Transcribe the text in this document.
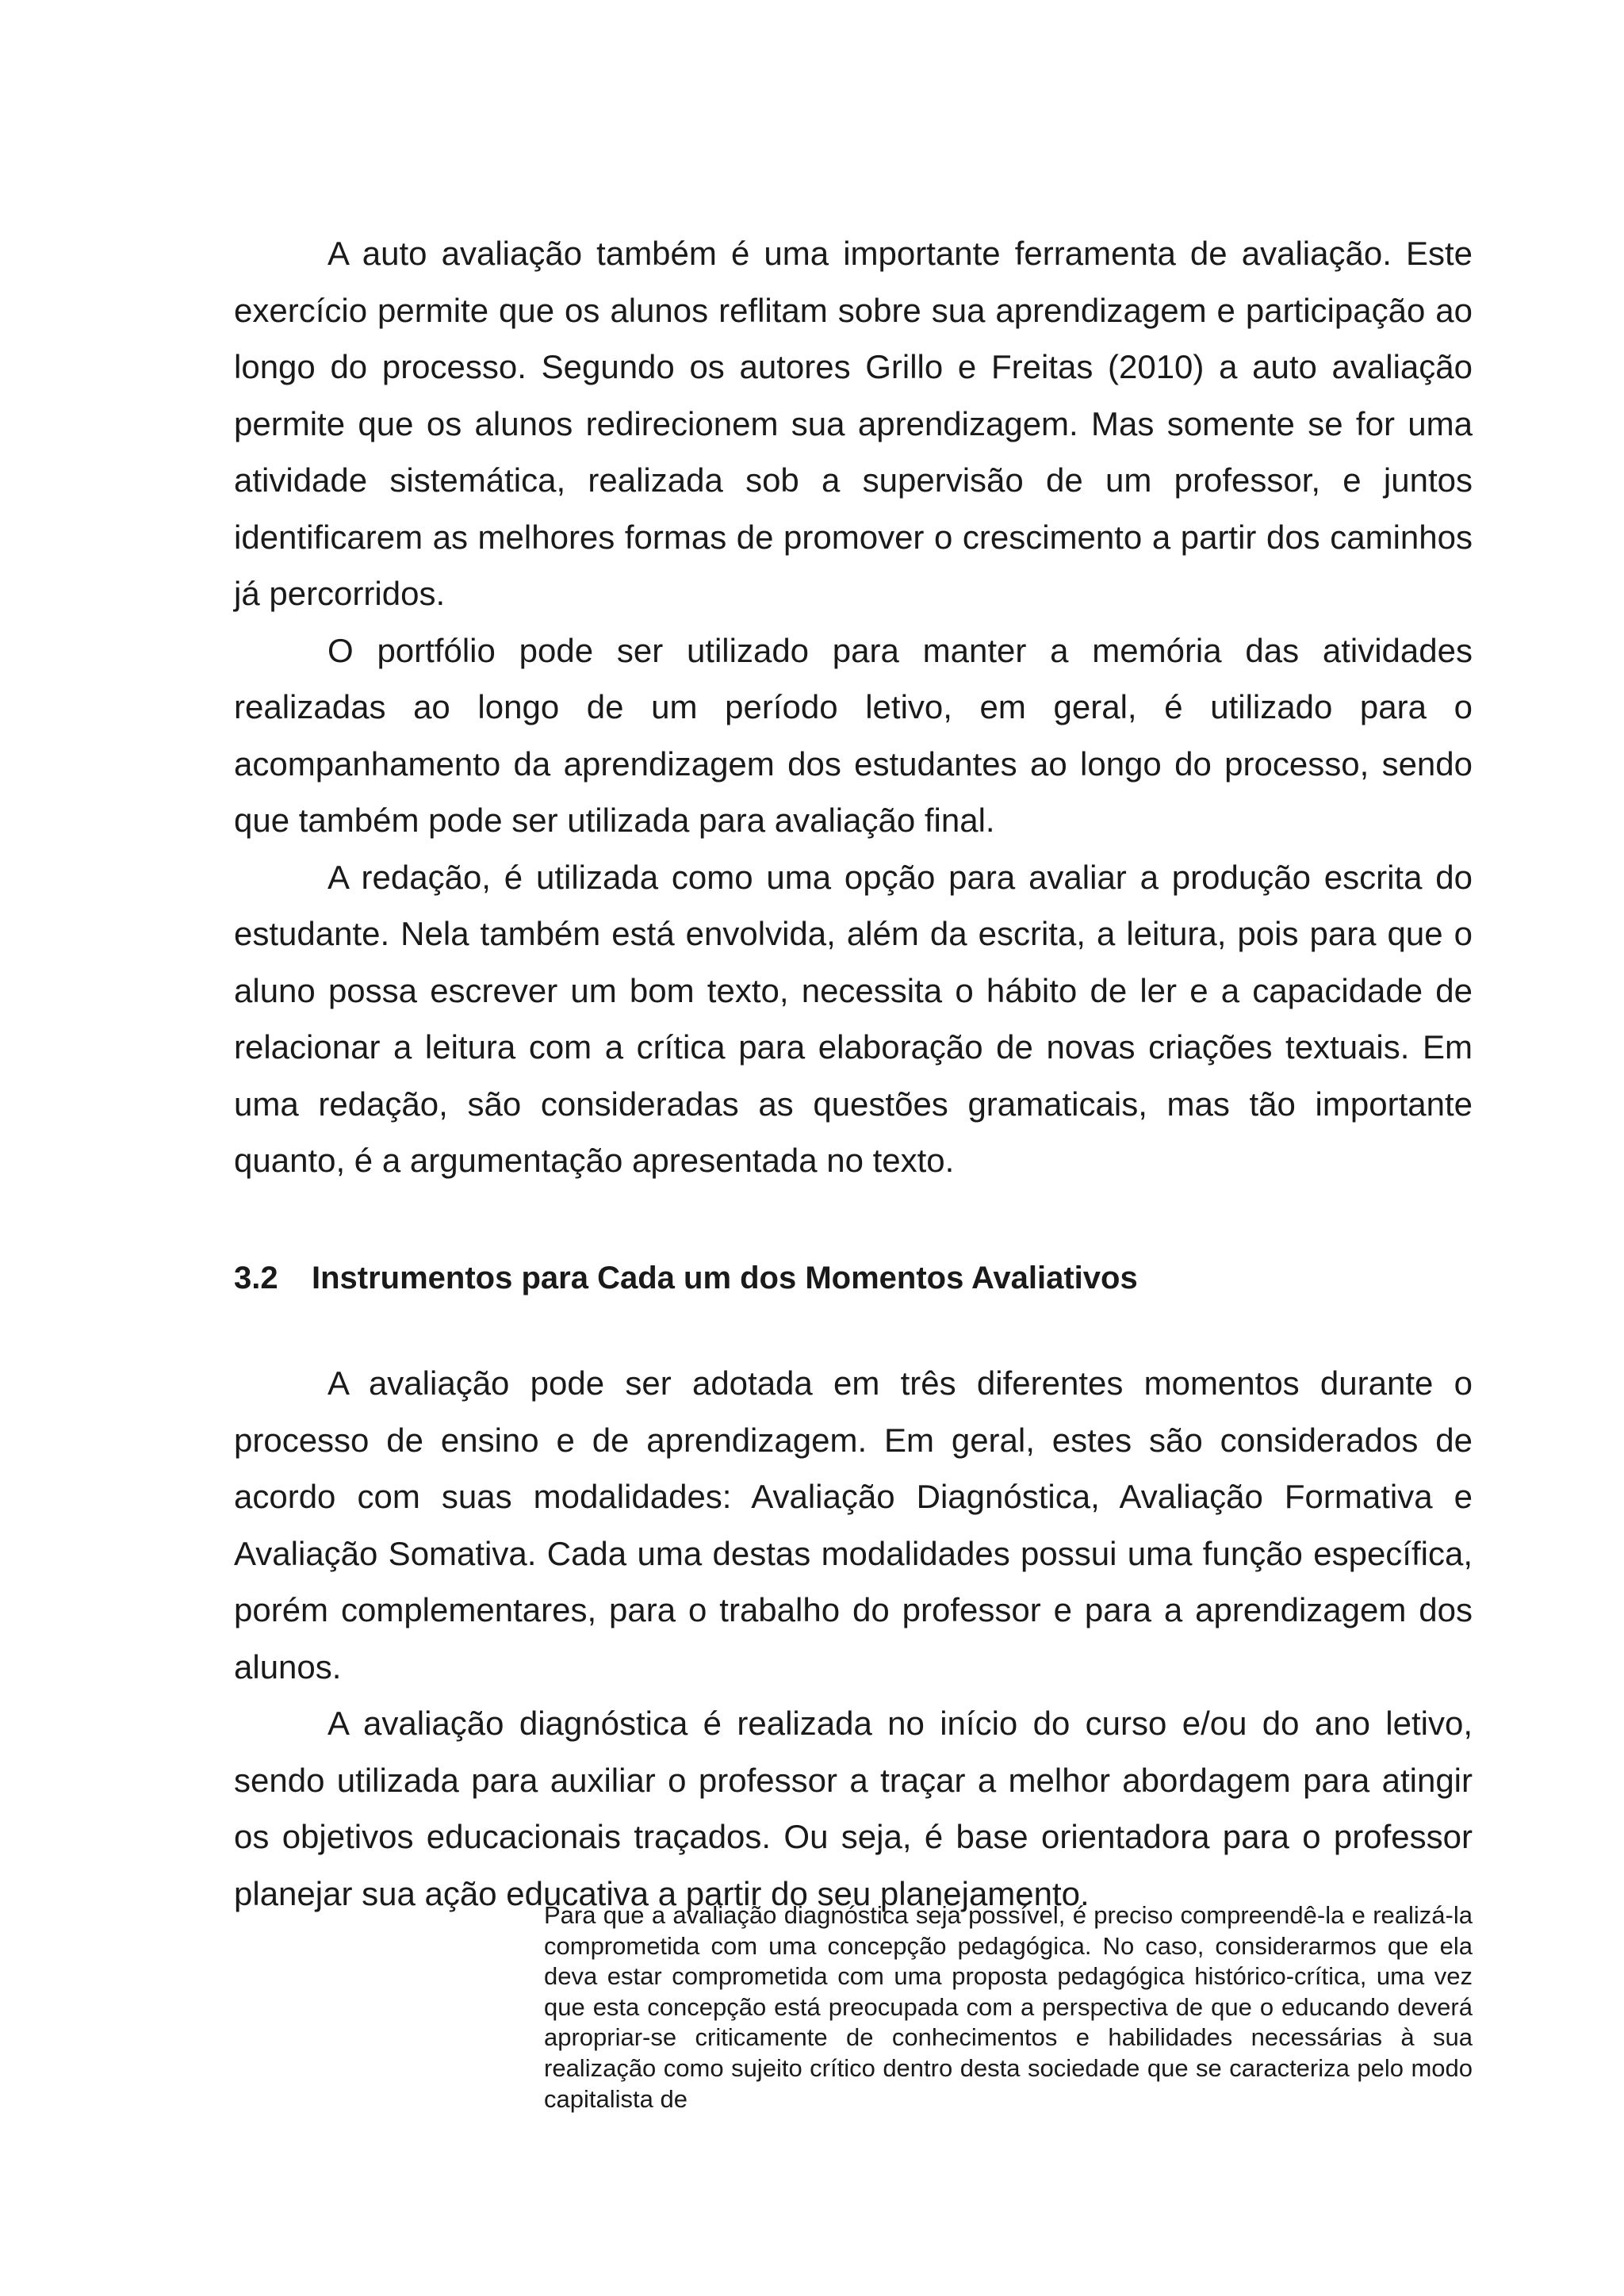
A auto avaliação também é uma importante ferramenta de avaliação. Este exercício permite que os alunos reflitam sobre sua aprendizagem e participação ao longo do processo. Segundo os autores Grillo e Freitas (2010) a auto avaliação permite que os alunos redirecionem sua aprendizagem. Mas somente se for uma atividade sistemática, realizada sob a supervisão de um professor, e juntos identificarem as melhores formas de promover o crescimento a partir dos caminhos já percorridos.

O portfólio pode ser utilizado para manter a memória das atividades realizadas ao longo de um período letivo, em geral, é utilizado para o acompanhamento da aprendizagem dos estudantes ao longo do processo, sendo que também pode ser utilizada para avaliação final.

A redação, é utilizada como uma opção para avaliar a produção escrita do estudante. Nela também está envolvida, além da escrita, a leitura, pois para que o aluno possa escrever um bom texto, necessita o hábito de ler e a capacidade de relacionar a leitura com a crítica para elaboração de novas criações textuais. Em uma redação, são consideradas as questões gramaticais, mas tão importante quanto, é a argumentação apresentada no texto.

3.2 Instrumentos para Cada um dos Momentos Avaliativos

A avaliação pode ser adotada em três diferentes momentos durante o processo de ensino e de aprendizagem. Em geral, estes são considerados de acordo com suas modalidades: Avaliação Diagnóstica, Avaliação Formativa e Avaliação Somativa. Cada uma destas modalidades possui uma função específica, porém complementares, para o trabalho do professor e para a aprendizagem dos alunos.

A avaliação diagnóstica é realizada no início do curso e/ou do ano letivo, sendo utilizada para auxiliar o professor a traçar a melhor abordagem para atingir os objetivos educacionais traçados. Ou seja, é base orientadora para o professor planejar sua ação educativa a partir do seu planejamento.

Para que a avaliação diagnóstica seja possível, é preciso compreendê-la e realizá-la comprometida com uma concepção pedagógica. No caso, considerarmos que ela deva estar comprometida com uma proposta pedagógica histórico-crítica, uma vez que esta concepção está preocupada com a perspectiva de que o educando deverá apropriar-se criticamente de conhecimentos e habilidades necessárias à sua realização como sujeito crítico dentro desta sociedade que se caracteriza pelo modo capitalista de
